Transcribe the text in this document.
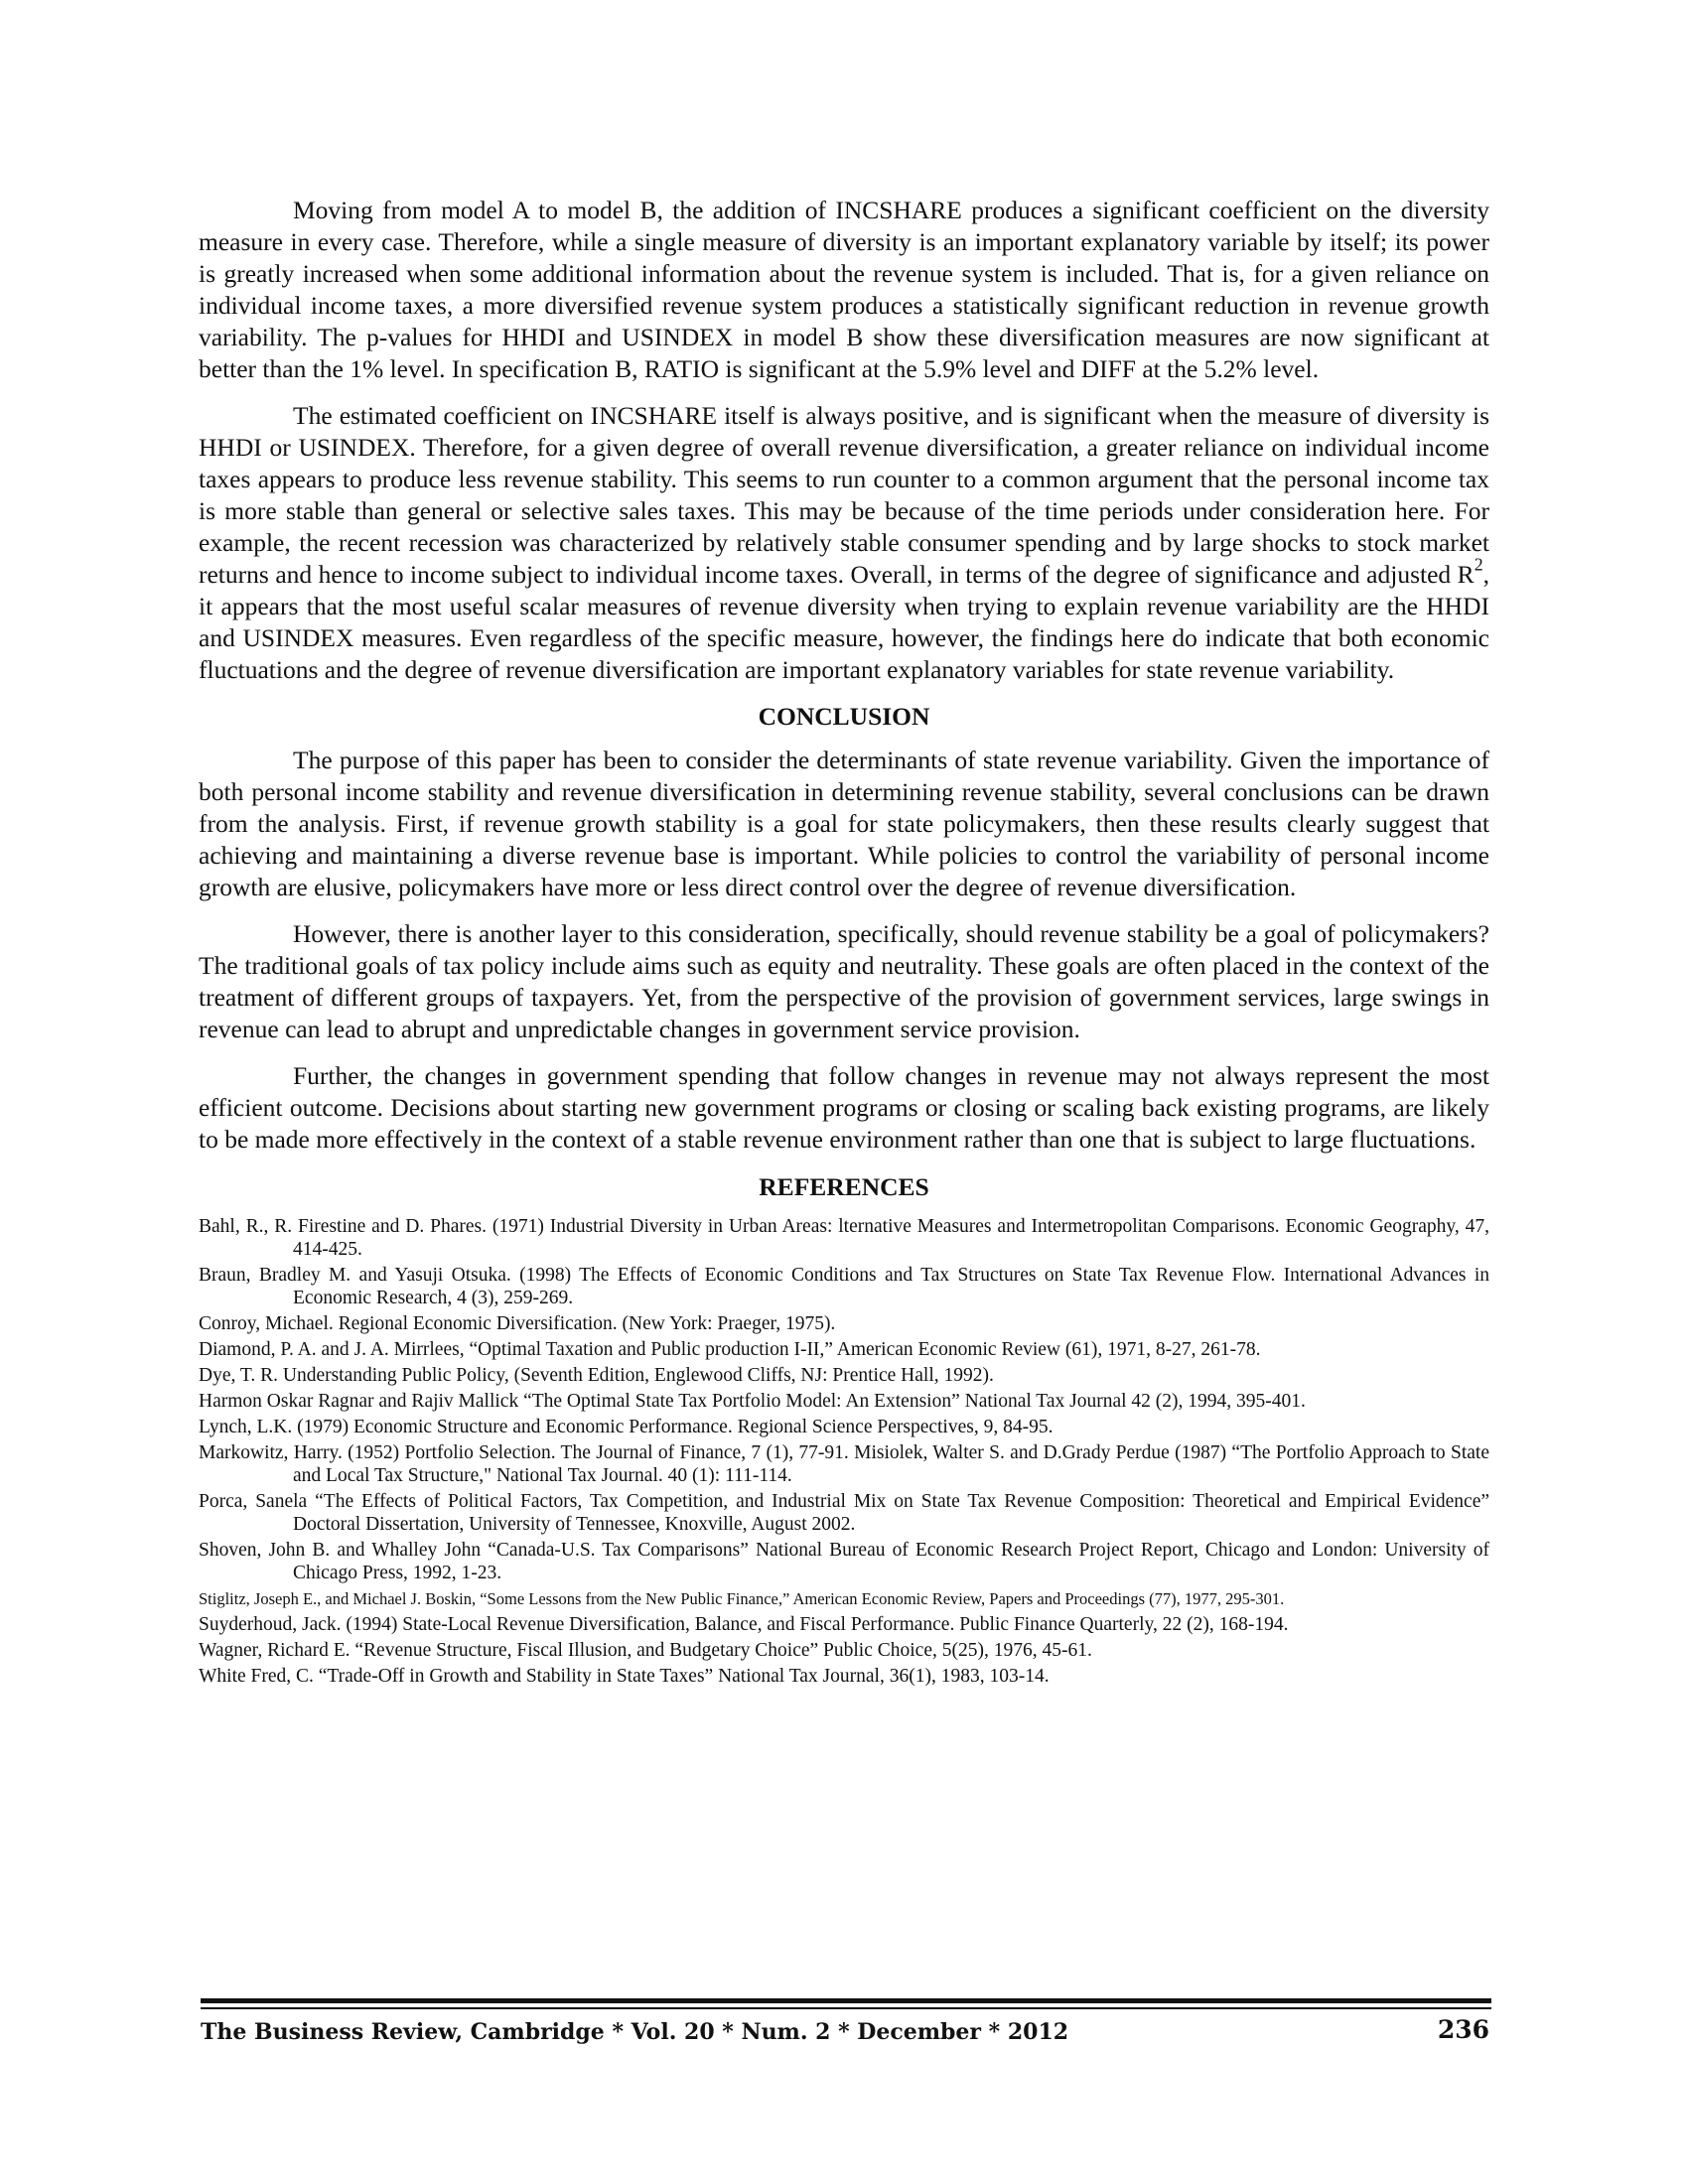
Moving from model A to model B, the addition of INCSHARE produces a significant coefficient on the diversity measure in every case. Therefore, while a single measure of diversity is an important explanatory variable by itself; its power is greatly increased when some additional information about the revenue system is included. That is, for a given reliance on individual income taxes, a more diversified revenue system produces a statistically significant reduction in revenue growth variability. The p-values for HHDI and USINDEX in model B show these diversification measures are now significant at better than the 1% level. In specification B, RATIO is significant at the 5.9% level and DIFF at the 5.2% level.

The estimated coefficient on INCSHARE itself is always positive, and is significant when the measure of diversity is HHDI or USINDEX. Therefore, for a given degree of overall revenue diversification, a greater reliance on individual income taxes appears to produce less revenue stability. This seems to run counter to a common argument that the personal income tax is more stable than general or selective sales taxes. This may be because of the time periods under consideration here. For example, the recent recession was characterized by relatively stable consumer spending and by large shocks to stock market returns and hence to income subject to individual income taxes. Overall, in terms of the degree of significance and adjusted $R^2$, it appears that the most useful scalar measures of revenue diversity when trying to explain revenue variability are the HHDI and USINDEX measures. Even regardless of the specific measure, however, the findings here do indicate that both economic fluctuations and the degree of revenue diversification are important explanatory variables for state revenue variability.

CONCLUSION

The purpose of this paper has been to consider the determinants of state revenue variability. Given the importance of both personal income stability and revenue diversification in determining revenue stability, several conclusions can be drawn from the analysis. First, if revenue growth stability is a goal for state policymakers, then these results clearly suggest that achieving and maintaining a diverse revenue base is important. While policies to control the variability of personal income growth are elusive, policymakers have more or less direct control over the degree of revenue diversification.

However, there is another layer to this consideration, specifically, should revenue stability be a goal of policymakers? The traditional goals of tax policy include aims such as equity and neutrality. These goals are often placed in the context of the treatment of different groups of taxpayers. Yet, from the perspective of the provision of government services, large swings in revenue can lead to abrupt and unpredictable changes in government service provision.

Further, the changes in government spending that follow changes in revenue may not always represent the most efficient outcome. Decisions about starting new government programs or closing or scaling back existing programs, are likely to be made more effectively in the context of a stable revenue environment rather than one that is subject to large fluctuations.

REFERENCES
Bahl, R., R. Firestine and D. Phares. (1971) Industrial Diversity in Urban Areas: lternative Measures and Intermetropolitan Comparisons. Economic Geography, 47, 414-425.
Braun, Bradley M. and Yasuji Otsuka. (1998) The Effects of Economic Conditions and Tax Structures on State Tax Revenue Flow. International Advances in Economic Research, 4 (3), 259-269.
Conroy, Michael. Regional Economic Diversification. (New York: Praeger, 1975).
Diamond, P. A. and J. A. Mirrlees, “Optimal Taxation and Public production I-II,” American Economic Review (61), 1971, 8-27, 261-78.
Dye, T. R. Understanding Public Policy, (Seventh Edition, Englewood Cliffs, NJ: Prentice Hall, 1992).
Harmon Oskar Ragnar and Rajiv Mallick “The Optimal State Tax Portfolio Model: An Extension” National Tax Journal 42 (2), 1994, 395-401.
Lynch, L.K. (1979) Economic Structure and Economic Performance. Regional Science Perspectives, 9, 84-95.
Markowitz, Harry. (1952) Portfolio Selection. The Journal of Finance, 7 (1), 77-91. Misiolek, Walter S. and D.Grady Perdue (1987) “The Portfolio Approach to State and Local Tax Structure," National Tax Journal. 40 (1): 111-114.
Porca, Sanela “The Effects of Political Factors, Tax Competition, and Industrial Mix on State Tax Revenue Composition: Theoretical and Empirical Evidence” Doctoral Dissertation, University of Tennessee, Knoxville, August 2002.
Shoven, John B. and Whalley John “Canada-U.S. Tax Comparisons” National Bureau of Economic Research Project Report, Chicago and London: University of Chicago Press, 1992, 1-23.
Stiglitz, Joseph E., and Michael J. Boskin, “Some Lessons from the New Public Finance,” American Economic Review, Papers and Proceedings (77), 1977, 295-301.
Suyderhoud, Jack. (1994) State-Local Revenue Diversification, Balance, and Fiscal Performance. Public Finance Quarterly, 22 (2), 168-194.
Wagner, Richard E. “Revenue Structure, Fiscal Illusion, and Budgetary Choice” Public Choice, 5(25), 1976, 45-61.
White Fred, C. “Trade-Off in Growth and Stability in State Taxes” National Tax Journal, 36(1), 1983, 103-14.
The Business Review, Cambridge * Vol. 20 * Num. 2 * December * 2012	236
